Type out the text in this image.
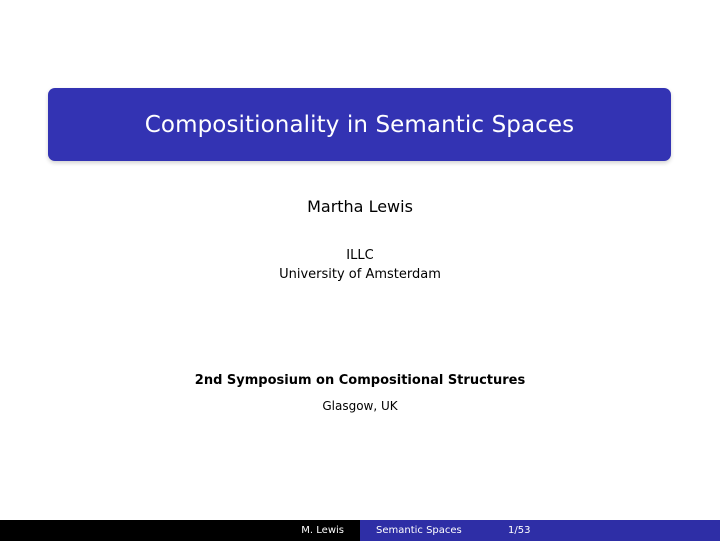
Compositionality in Semantic Spaces
Martha Lewis
ILLC
University of Amsterdam
2nd Symposium on Compositional Structures
Glasgow, UK
M. Lewis	Semantic Spaces	1/53
